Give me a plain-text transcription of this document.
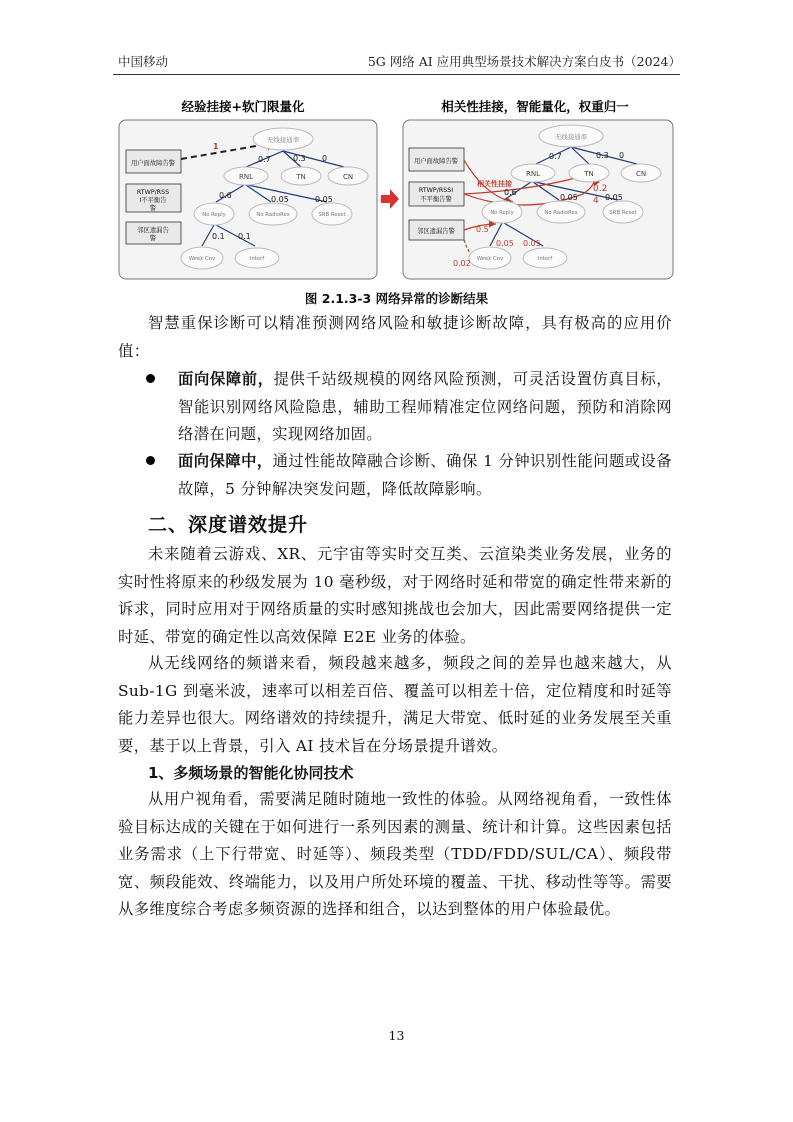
中国移动	5G 网络 AI 应用典型场景技术解决方案白皮书（2024）
经验挂接+软门限量化
用户面故障告警
RTWP/RSS
I不平衡告
警
邻区遗漏告
警
1
无线接通率
RNL	TN	CN
No Reply	No RadioRes	SRB Reset
Week Cov	Interf
0.7	0.3 0
0.6	0.05	0.05
0.1 0.1
相关性挂接，智能量化，权重归一
用户面故障告警
RTWP/RSSI
不平衡告警
邻区遗漏告警
相关性挂接
无线接通率
RNL	TN	CN
No Reply	No RadioRes	SRB Reset
Week Cov	Interf
0.7	0.3 0
0.6
0.05	0.05
0.2
4
0.5
0.05 0.05
0.02
图 2.1.3-3 网络异常的诊断结果

智慧重保诊断可以精准预测网络风险和敏捷诊断故障，具有极高的应用价值：

面向保障前，提供千站级规模的网络风险预测，可灵活设置仿真目标，智能识别网络风险隐患，辅助工程师精准定位网络问题，预防和消除网络潜在问题，实现网络加固。
面向保障中，通过性能故障融合诊断、确保 1 分钟识别性能问题或设备故障，5 分钟解决突发问题，降低故障影响。
二、深度谱效提升

未来随着云游戏、XR、元宇宙等实时交互类、云渲染类业务发展，业务的实时性将原来的秒级发展为 10 毫秒级，对于网络时延和带宽的确定性带来新的诉求，同时应用对于网络质量的实时感知挑战也会加大，因此需要网络提供一定时延、带宽的确定性以高效保障 E2E 业务的体验。

从无线网络的频谱来看，频段越来越多，频段之间的差异也越来越大，从 Sub-1G 到毫米波，速率可以相差百倍、覆盖可以相差十倍，定位精度和时延等能力差异也很大。网络谱效的持续提升，满足大带宽、低时延的业务发展至关重要，基于以上背景，引入 AI 技术旨在分场景提升谱效。

1、多频场景的智能化协同技术

从用户视角看，需要满足随时随地一致性的体验。从网络视角看，一致性体验目标达成的关键在于如何进行一系列因素的测量、统计和计算。这些因素包括业务需求（上下行带宽、时延等）、频段类型（TDD/FDD/SUL/CA）、频段带宽、频段能效、终端能力，以及用户所处环境的覆盖、干扰、移动性等等。需要从多维度综合考虑多频资源的选择和组合，以达到整体的用户体验最优。

13
